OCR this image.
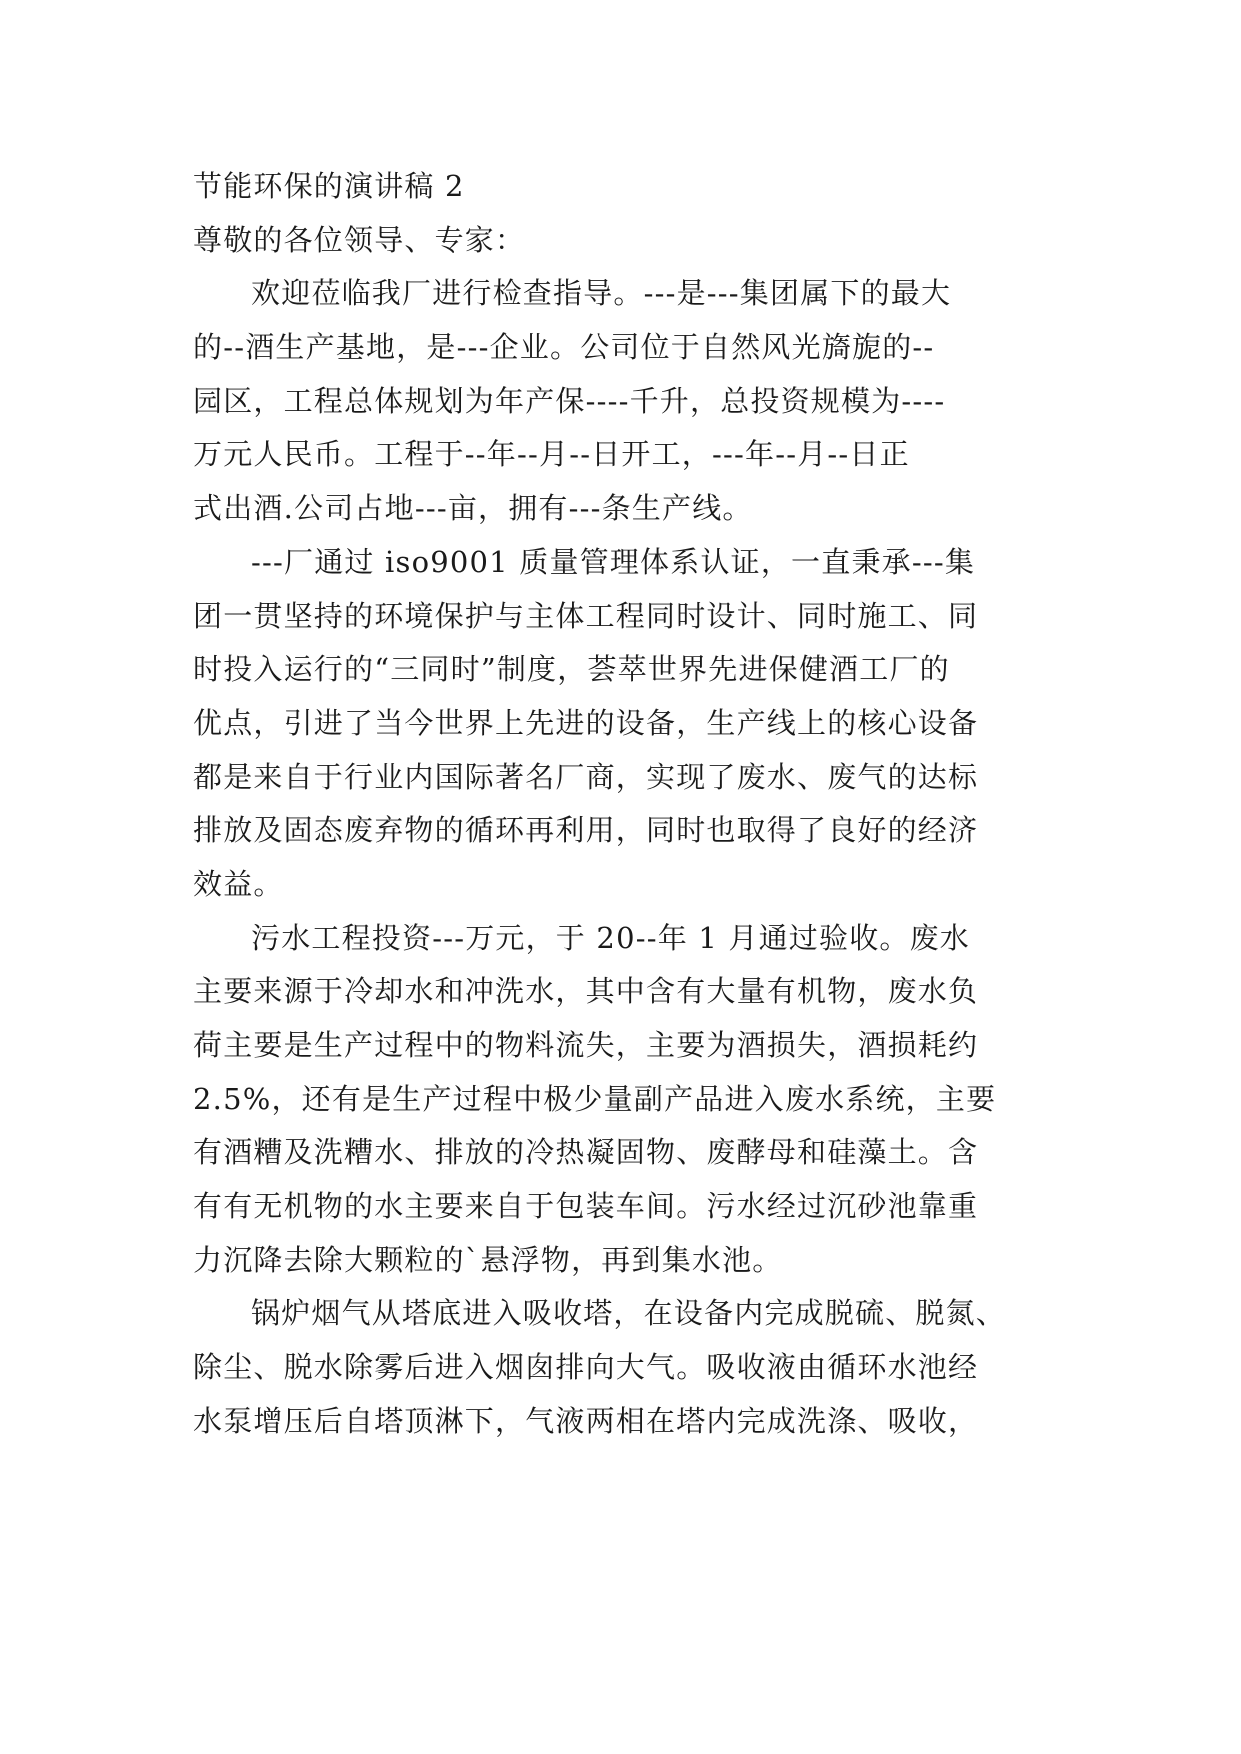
节能环保的演讲稿 2
尊敬的各位领导、专家：
欢迎莅临我厂进行检查指导。---是---集团属下的最大
的--酒生产基地，是---企业。公司位于自然风光旖旎的--
园区，工程总体规划为年产保----千升，总投资规模为----
万元人民币。工程于--年--月--日开工，---年--月--日正
式出酒.公司占地---亩，拥有---条生产线。
---厂通过 iso9001 质量管理体系认证，一直秉承---集
团一贯坚持的环境保护与主体工程同时设计、同时施工、同
时投入运行的“三同时”制度，荟萃世界先进保健酒工厂的
优点，引进了当今世界上先进的设备，生产线上的核心设备
都是来自于行业内国际著名厂商，实现了废水、废气的达标
排放及固态废弃物的循环再利用，同时也取得了良好的经济
效益。
污水工程投资---万元，于 20--年 1 月通过验收。废水
主要来源于冷却水和冲洗水，其中含有大量有机物，废水负
荷主要是生产过程中的物料流失，主要为酒损失，酒损耗约
2.5%，还有是生产过程中极少量副产品进入废水系统，主要
有酒糟及洗糟水、排放的冷热凝固物、废酵母和硅藻土。含
有有无机物的水主要来自于包装车间。污水经过沉砂池靠重
力沉降去除大颗粒的`悬浮物，再到集水池。
锅炉烟气从塔底进入吸收塔，在设备内完成脱硫、脱氮、
除尘、脱水除雾后进入烟囱排向大气。吸收液由循环水池经
水泵增压后自塔顶淋下，气液两相在塔内完成洗涤、吸收，
